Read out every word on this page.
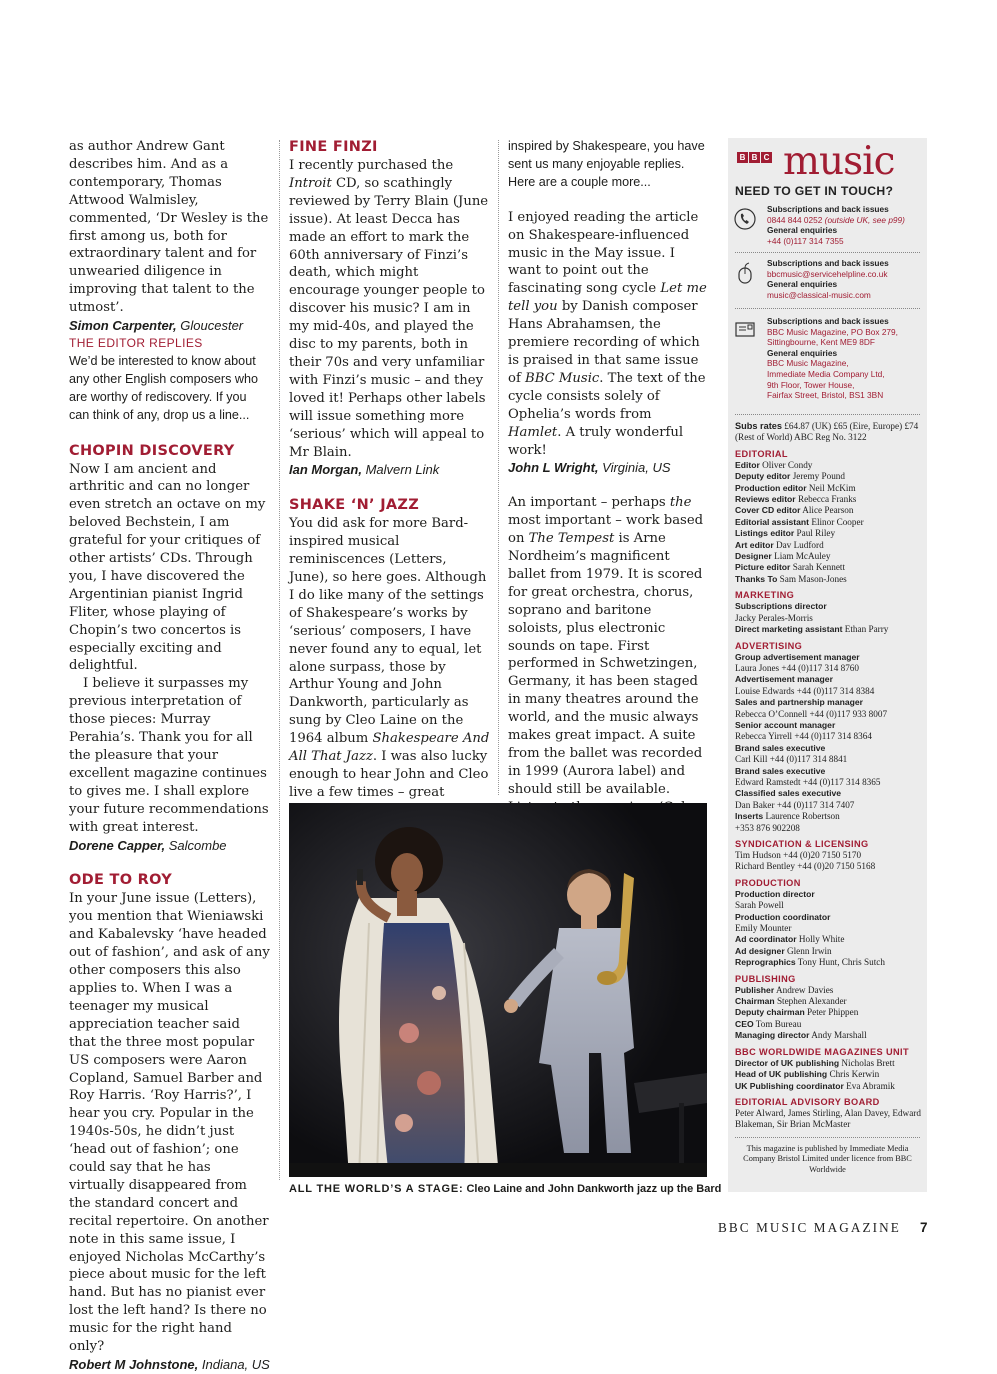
as author Andrew Gant describes him. And as a contemporary, Thomas Attwood Walmisley, commented, ‘Dr Wesley is the first among us, both for extraordinary talent and for unwearied diligence in improving that talent to the utmost’.

Simon Carpenter, Gloucester

THE EDITOR REPLIES

We’d be interested to know about any other English composers who are worthy of rediscovery. If you can think of any, drop us a line...

CHOPIN DISCOVERY

Now I am ancient and arthritic and can no longer even stretch an octave on my beloved Bechstein, I am grateful for your critiques of other artists’ CDs. Through you, I have discovered the Argentinian pianist Ingrid Fliter, whose playing of Chopin’s two concertos is especially exciting and delightful.

I believe it surpasses my previous interpretation of those pieces: Murray Perahia’s. Thank you for all the pleasure that your excellent magazine continues to gives me. I shall explore your future recommendations with great interest.

Dorene Capper, Salcombe

ODE TO ROY

In your June issue (Letters), you mention that Wieniawski and Kabalevsky ‘have headed out of fashion’, and ask of any other composers this also applies to. When I was a teenager my musical appreciation teacher said that the three most popular US composers were Aaron Copland, Samuel Barber and Roy Harris. ‘Roy Harris?’, I hear you cry. Popular in the 1940s-50s, he didn’t just ‘head out of fashion’; one could say that he has virtually disappeared from the standard concert and recital repertoire. On another note in this same issue, I enjoyed Nicholas McCarthy’s piece about music for the left hand. But has no pianist ever lost the left hand? Is there no music for the right hand only?

Robert M Johnstone, Indiana, US

FINE FINZI

I recently purchased the Introit CD, so scathingly reviewed by Terry Blain (June issue). At least Decca has made an effort to mark the 60th anniversary of Finzi’s death, which might encourage younger people to discover his music? I am in my mid-40s, and played the disc to my parents, both in their 70s and very unfamiliar with Finzi’s music – and they loved it! Perhaps other labels will issue something more ‘serious’ which will appeal to Mr Blain.

Ian Morgan, Malvern Link

SHAKE ‘N’ JAZZ

You did ask for more Bard-inspired musical reminiscences (Letters, June), so here goes. Although I do like many of the settings of Shakespeare’s works by ‘serious’ composers, I have never found any to equal, let alone surpass, those by Arthur Young and John Dankworth, particularly as sung by Cleo Laine on the 1964 album Shakespeare And All That Jazz. I was also lucky enough to hear John and Cleo live a few times – great

inspired by Shakespeare, you have sent us many enjoyable replies. Here are a couple more...

I enjoyed reading the article on Shakespeare-influenced music in the May issue. I want to point out the fascinating song cycle Let me tell you by Danish composer Hans Abrahamsen, the premiere recording of which is praised in that same issue of BBC Music. The text of the cycle consists solely of Ophelia’s words from Hamlet. A truly wonderful work!

John L Wright, Virginia, US

An important – perhaps the most important – work based on The Tempest is Arne Nordheim’s magnificent ballet from 1979. It is scored for great orchestra, chorus, soprano and baritone soloists, plus electronic sounds on tape. First performed in Schwetzingen, Germany, it has been staged in many theatres around the world, and the music always makes great impact. A suite from the ballet was recorded in 1999 (Aurora label) and should still be available.

ALL THE WORLD’S A STAGE: Cleo Laine and John Dankworth jazz up the Bard
B B C music
NEED TO GET IN TOUCH?
Subscriptions and back issues
0844 844 0252 (outside UK, see p99)
General enquiries
+44 (0)117 314 7355
Subscriptions and back issues
bbcmusic@servicehelpline.co.uk
General enquiries
music@classical-music.com
Subscriptions and back issues
BBC Music Magazine, PO Box 279,
Sittingbourne, Kent ME9 8DF
General enquiries
BBC Music Magazine,
Immediate Media Company Ltd,
9th Floor, Tower House,
Fairfax Street, Bristol, BS1 3BN
Subs rates £64.87 (UK) £65 (Eire, Europe) £74 (Rest of World) ABC Reg No. 3122
EDITORIAL
Editor Oliver Condy
Deputy editor Jeremy Pound
Production editor Neil McKim
Reviews editor Rebecca Franks
Cover CD editor Alice Pearson
Editorial assistant Elinor Cooper
Listings editor Paul Riley
Art editor Dav Ludford
Designer Liam McAuley
Picture editor Sarah Kennett
Thanks To Sam Mason-Jones
MARKETING
Subscriptions director
Jacky Perales-Morris
Direct marketing assistant Ethan Parry
ADVERTISING
Group advertisement manager
Laura Jones +44 (0)117 314 8760
Advertisement manager
Louise Edwards +44 (0)117 314 8384
Sales and partnership manager
Rebecca O’Connell +44 (0)117 933 8007
Senior account manager
Rebecca Yirrell +44 (0)117 314 8364
Brand sales executive
Carl Kill +44 (0)117 314 8841
Brand sales executive
Edward Ramstedt +44 (0)117 314 8365
Classified sales executive
Dan Baker +44 (0)117 314 7407
Inserts Laurence Robertson
+353 876 902208
SYNDICATION & LICENSING
Tim Hudson +44 (0)20 7150 5170
Richard Bentley +44 (0)20 7150 5168
PRODUCTION
Production director
Sarah Powell
Production coordinator
Emily Mounter
Ad coordinator Holly White
Ad designer Glenn Irwin
Reprographics Tony Hunt, Chris Sutch
PUBLISHING
Publisher Andrew Davies
Chairman Stephen Alexander
Deputy chairman Peter Phippen
CEO Tom Bureau
Managing director Andy Marshall
BBC WORLDWIDE MAGAZINES UNIT
Director of UK publishing Nicholas Brett
Head of UK publishing Chris Kerwin
UK Publishing coordinator Eva Abramik
EDITORIAL ADVISORY BOARD
Peter Alward, James Stirling, Alan Davey, Edward Blakeman, Sir Brian McMaster
This magazine is published by Immediate Media Company Bristol Limited under licence from BBC Worldwide
BBC MUSIC MAGAZINE 7
